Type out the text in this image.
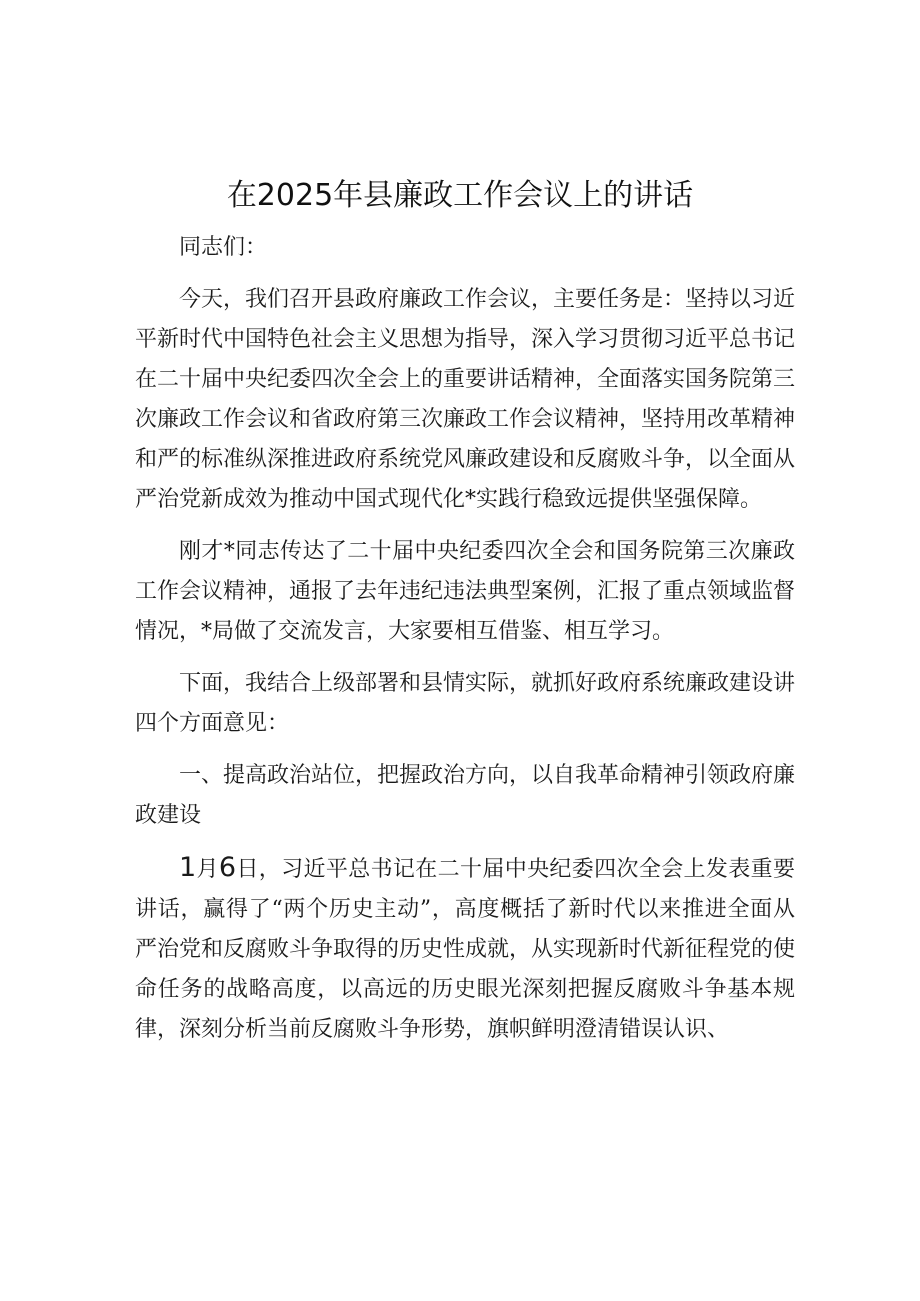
在2025年县廉政工作会议上的讲话

同志们：

今天，我们召开县政府廉政工作会议，主要任务是：坚持以习近平新时代中国特色社会主义思想为指导，深入学习贯彻习近平总书记在二十届中央纪委四次全会上的重要讲话精神，全面落实国务院第三次廉政工作会议和省政府第三次廉政工作会议精神，坚持用改革精神和严的标准纵深推进政府系统党风廉政建设和反腐败斗争，以全面从严治党新成效为推动中国式现代化*实践行稳致远提供坚强保障。

刚才*同志传达了二十届中央纪委四次全会和国务院第三次廉政工作会议精神，通报了去年违纪违法典型案例，汇报了重点领域监督情况，*局做了交流发言，大家要相互借鉴、相互学习。

下面，我结合上级部署和县情实际，就抓好政府系统廉政建设讲四个方面意见：

一、提高政治站位，把握政治方向，以自我革命精神引领政府廉政建设

1月6日，习近平总书记在二十届中央纪委四次全会上发表重要讲话，赢得了“两个历史主动”，高度概括了新时代以来推进全面从严治党和反腐败斗争取得的历史性成就，从实现新时代新征程党的使命任务的战略高度，以高远的历史眼光深刻把握反腐败斗争基本规律，深刻分析当前反腐败斗争形势，旗帜鲜明澄清错误认识、
